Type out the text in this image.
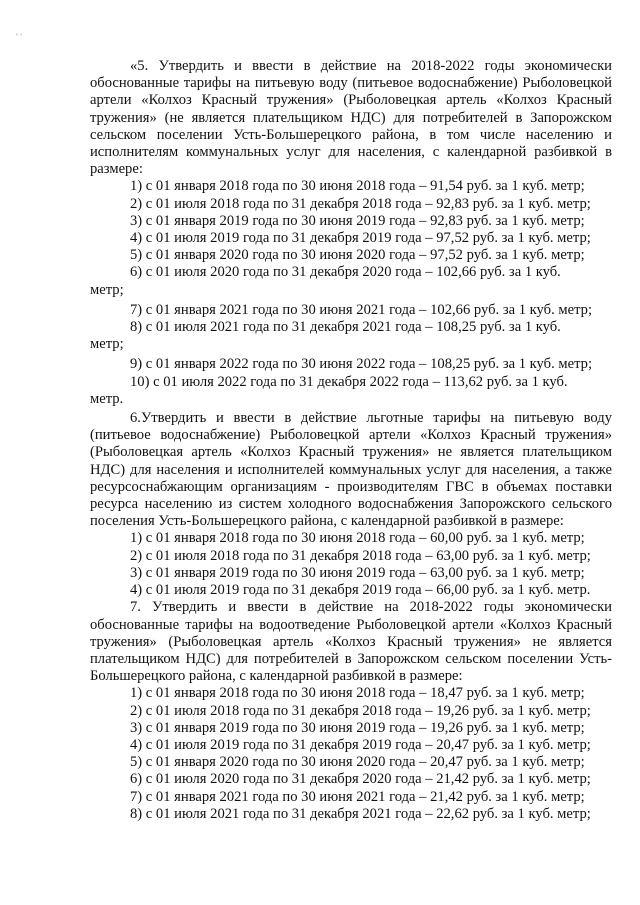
' '

«5. Утвердить и ввести в действие на 2018-2022 годы экономически обоснованные тарифы на питьевую воду (питьевое водоснабжение) Рыболовецкой артели «Колхоз Красный тружения» (Рыболовецкая артель «Колхоз Красный тружения» (не является плательщиком НДС) для потребителей в Запорожском сельском поселении Усть-Большерецкого района, в том числе населению и исполнителям коммунальных услуг для населения, с календарной разбивкой в размере:

1) с 01 января 2018 года по 30 июня 2018 года – 91,54 руб. за 1 куб. метр;
2) с 01 июля 2018 года по 31 декабря 2018 года – 92,83 руб. за 1 куб. метр;
3) с 01 января 2019 года по 30 июня 2019 года – 92,83 руб. за 1 куб. метр;
4) с 01 июля 2019 года по 31 декабря 2019 года – 97,52 руб. за 1 куб. метр;
5) с 01 января 2020 года по 30 июня 2020 года – 97,52 руб. за 1 куб. метр;
6) с 01 июля 2020 года по 31 декабря 2020 года – 102,66 руб. за 1 куб.
метр;
7) с 01 января 2021 года по 30 июня 2021 года – 102,66 руб. за 1 куб. метр;
8) с 01 июля 2021 года по 31 декабря 2021 года – 108,25 руб. за 1 куб.
метр;
9) с 01 января 2022 года по 30 июня 2022 года – 108,25 руб. за 1 куб. метр;
10) с 01 июля 2022 года по 31 декабря 2022 года – 113,62 руб. за 1 куб.
метр.

6.Утвердить и ввести в действие льготные тарифы на питьевую воду (питьевое водоснабжение) Рыболовецкой артели «Колхоз Красный тружения» (Рыболовецкая артель «Колхоз Красный тружения» не является плательщиком НДС) для населения и исполнителей коммунальных услуг для населения, а также ресурсоснабжающим организациям - производителям ГВС в объемах поставки ресурса населению из систем холодного водоснабжения Запорожского сельского поселения Усть-Большерецкого района, с календарной разбивкой в размере:

1) с 01 января 2018 года по 30 июня 2018 года – 60,00 руб. за 1 куб. метр;
2) с 01 июля 2018 года по 31 декабря 2018 года – 63,00 руб. за 1 куб. метр;
3) с 01 января 2019 года по 30 июня 2019 года – 63,00 руб. за 1 куб. метр;
4) с 01 июля 2019 года по 31 декабря 2019 года – 66,00 руб. за 1 куб. метр.

7. Утвердить и ввести в действие на 2018-2022 годы экономически обоснованные тарифы на водоотведение Рыболовецкой артели «Колхоз Красный тружения» (Рыболовецкая артель «Колхоз Красный тружения» не является плательщиком НДС) для потребителей в Запорожском сельском поселении Усть-Большерецкого района, с календарной разбивкой в размере:

1) с 01 января 2018 года по 30 июня 2018 года – 18,47 руб. за 1 куб. метр;
2) с 01 июля 2018 года по 31 декабря 2018 года – 19,26 руб. за 1 куб. метр;
3) с 01 января 2019 года по 30 июня 2019 года – 19,26 руб. за 1 куб. метр;
4) с 01 июля 2019 года по 31 декабря 2019 года – 20,47 руб. за 1 куб. метр;
5) с 01 января 2020 года по 30 июня 2020 года – 20,47 руб. за 1 куб. метр;
6) с 01 июля 2020 года по 31 декабря 2020 года – 21,42 руб. за 1 куб. метр;
7) с 01 января 2021 года по 30 июня 2021 года – 21,42 руб. за 1 куб. метр;
8) с 01 июля 2021 года по 31 декабря 2021 года – 22,62 руб. за 1 куб. метр;
